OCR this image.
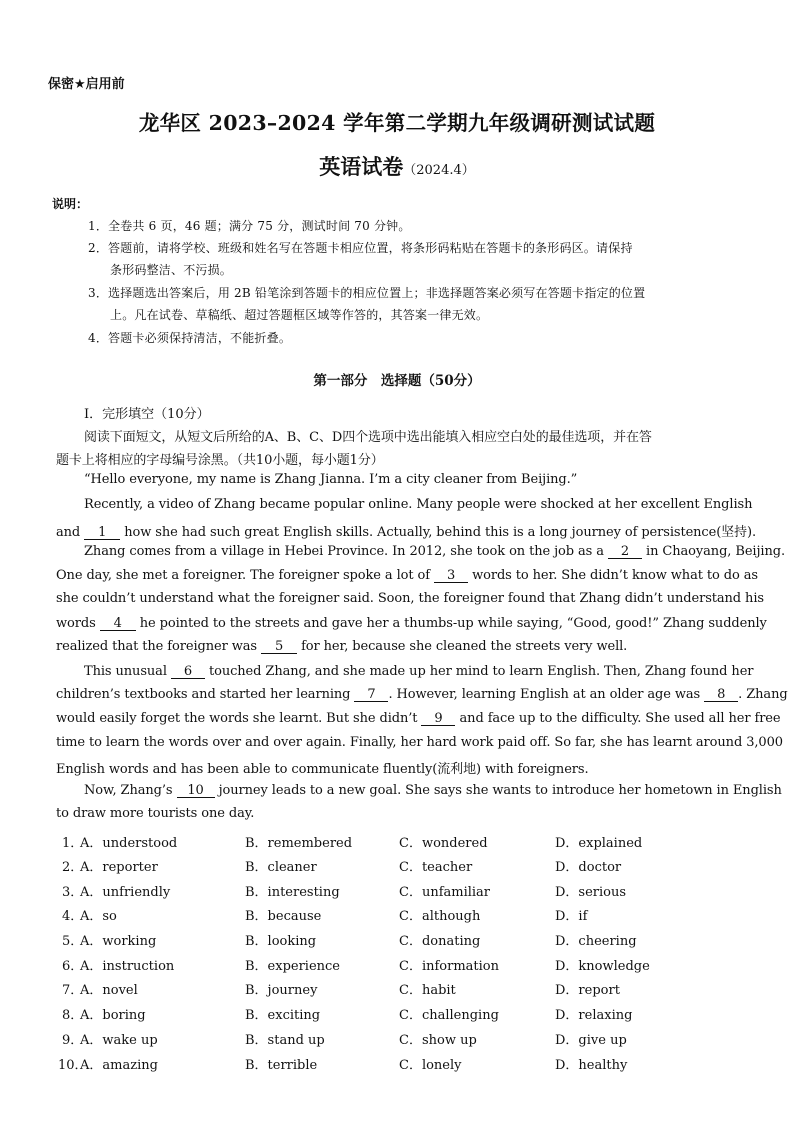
保密★启用前
龙华区 2023–2024 学年第二学期九年级调研测试试题
英语试卷（2024.4）
说明：
1．全卷共 6 页，46 题；满分 75 分，测试时间 70 分钟。
2．答题前，请将学校、班级和姓名写在答题卡相应位置，将条形码粘贴在答题卡的条形码区。请保持
条形码整洁、不污损。
3．选择题选出答案后，用 2B 铅笔涂到答题卡的相应位置上；非选择题答案必须写在答题卡指定的位置
上。凡在试卷、草稿纸、超过答题框区域等作答的，其答案一律无效。
4．答题卡必须保持清洁，不能折叠。
第一部分　选择题（50分）
I．完形填空（10分）
阅读下面短文，从短文后所给的A、B、C、D四个选项中选出能填入相应空白处的最佳选项，并在答
题卡上将相应的字母编号涂黑。（共10小题，每小题1分）
“Hello everyone, my name is Zhang Jianna. I’m a city cleaner from Beijing.”
Recently, a video of Zhang became popular online. Many people were shocked at her excellent English
and 1 how she had such great English skills. Actually, behind this is a long journey of persistence(坚持).
Zhang comes from a village in Hebei Province. In 2012, she took on the job as a 2 in Chaoyang, Beijing.
One day, she met a foreigner. The foreigner spoke a lot of 3 words to her. She didn’t know what to do as
she couldn’t understand what the foreigner said. Soon, the foreigner found that Zhang didn’t understand his
words 4 he pointed to the streets and gave her a thumbs-up while saying, “Good, good!” Zhang suddenly
realized that the foreigner was 5 for her, because she cleaned the streets very well.
This unusual 6 touched Zhang, and she made up her mind to learn English. Then, Zhang found her
children’s textbooks and started her learning 7 . However, learning English at an older age was 8 . Zhang
would easily forget the words she learnt. But she didn’t 9 and face up to the difficulty. She used all her free
time to learn the words over and over again. Finally, her hard work paid off. So far, she has learnt around 3,000
English words and has been able to communicate fluently(流利地) with foreigners.
Now, Zhang’s 10 journey leads to a new goal. She says she wants to introduce her hometown in English
to draw more tourists one day.
1．
A．understood	B．remembered	C．wondered	D．explained
2．
A．reporter	B．cleaner	C．teacher	D．doctor
3．
A．unfriendly	B．interesting	C．unfamiliar	D．serious
4．
A．so	B．because	C．although	D．if
5．
A．working	B．looking	C．donating	D．cheering
6．
A．instruction	B．experience	C．information	D．knowledge
7．
A．novel	B．journey	C．habit	D．report
8．
A．boring	B．exciting	C．challenging	D．relaxing
9．
A．wake up	B．stand up	C．show up	D．give up
10．
A．amazing	B．terrible	C．lonely	D．healthy
